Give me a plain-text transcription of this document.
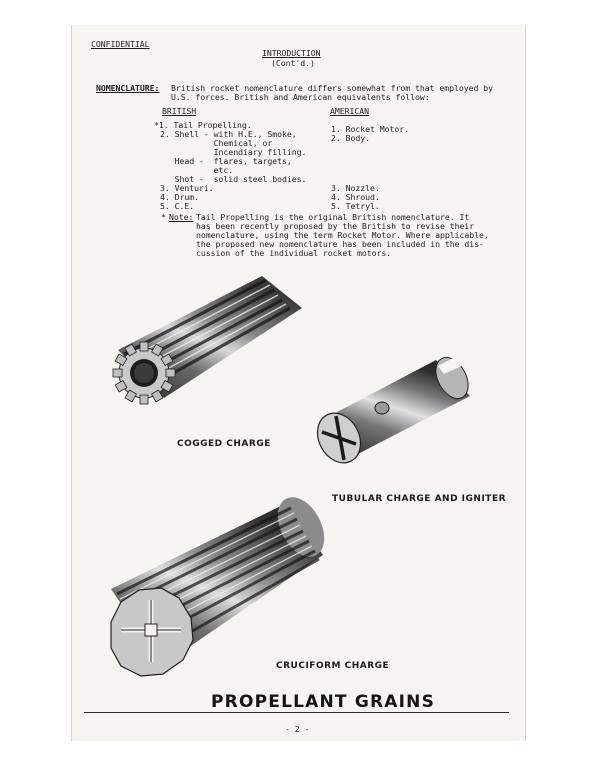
CONFIDENTIAL
INTRODUCTION
(Cont'd.)
NOMENCLATURE: British rocket nomenclature differs somewhat from that employed by
U.S. forces. British and American equivalents follow:
BRITISH	AMERICAN
*1. Tail Propelling.
2. Shell - with H.E., Smoke,
Chemical, or
Incendiary filling.
Head -  flares, targets,
etc.
Shot -  solid steel bodies.
3. Venturi.
4. Drum.
5. C.E.
1. Rocket Motor.
2. Body.
3. Nozzle.
4. Shroud.
5. Tetryl.
* Note: Tail Propelling is the original British nomenclature. It
has been recently proposed by the British to revise their
nomenclature, using the term Rocket Motor. Where applicable,
the proposed new nomenclature has been included in the dis-
cussion of the individual rocket motors.
COGGED CHARGE
TUBULAR CHARGE AND IGNITER
CRUCIFORM CHARGE
PROPELLANT GRAINS
- 2 -
